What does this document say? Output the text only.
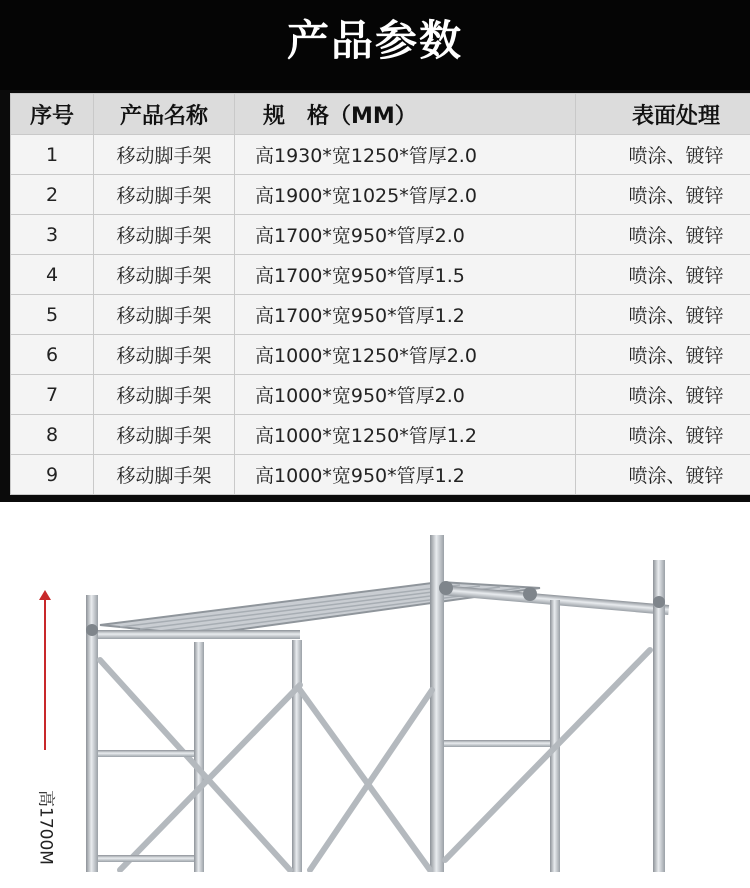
产品参数
序号	产品名称	规　格（MM）	表面处理
1	移动脚手架	高1930*宽1250*管厚2.0	喷涂、镀锌
2	移动脚手架	高1900*宽1025*管厚2.0	喷涂、镀锌
3	移动脚手架	高1700*宽950*管厚2.0	喷涂、镀锌
4	移动脚手架	高1700*宽950*管厚1.5	喷涂、镀锌
5	移动脚手架	高1700*宽950*管厚1.2	喷涂、镀锌
6	移动脚手架	高1000*宽1250*管厚2.0	喷涂、镀锌
7	移动脚手架	高1000*宽950*管厚2.0	喷涂、镀锌
8	移动脚手架	高1000*宽1250*管厚1.2	喷涂、镀锌
9	移动脚手架	高1000*宽950*管厚1.2	喷涂、镀锌
高1700M
